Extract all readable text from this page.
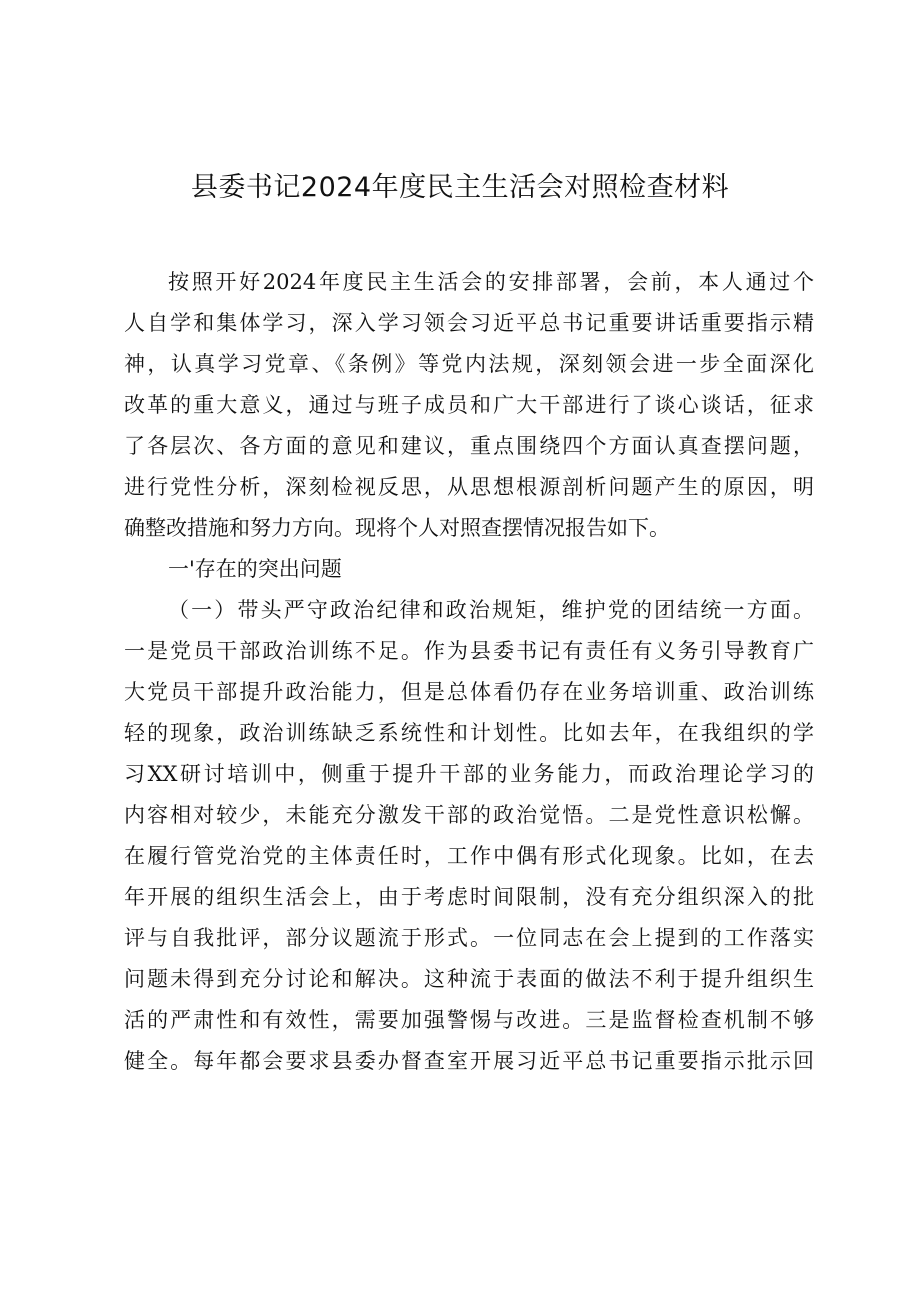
县委书记2024年度民主生活会对照检查材料
按照开好2024年度民主生活会的安排部署，会前，本人通过个
人自学和集体学习，深入学习领会习近平总书记重要讲话重要指示精
神，认真学习党章、《条例》等党内法规，深刻领会进一步全面深化
改革的重大意义，通过与班子成员和广大干部进行了谈心谈话，征求
了各层次、各方面的意见和建议，重点围绕四个方面认真查摆问题，
进行党性分析，深刻检视反思，从思想根源剖析问题产生的原因，明
确整改措施和努力方向。现将个人对照查摆情况报告如下。
一'存在的突出问题
（一）带头严守政治纪律和政治规矩，维护党的团结统一方面。
一是党员干部政治训练不足。作为县委书记有责任有义务引导教育广
大党员干部提升政治能力，但是总体看仍存在业务培训重、政治训练
轻的现象，政治训练缺乏系统性和计划性。比如去年，在我组织的学
习XX研讨培训中，侧重于提升干部的业务能力，而政治理论学习的
内容相对较少，未能充分激发干部的政治觉悟。二是党性意识松懈。
在履行管党治党的主体责任时，工作中偶有形式化现象。比如，在去
年开展的组织生活会上，由于考虑时间限制，没有充分组织深入的批
评与自我批评，部分议题流于形式。一位同志在会上提到的工作落实
问题未得到充分讨论和解决。这种流于表面的做法不利于提升组织生
活的严肃性和有效性，需要加强警惕与改进。三是监督检查机制不够
健全。每年都会要求县委办督查室开展习近平总书记重要指示批示回
